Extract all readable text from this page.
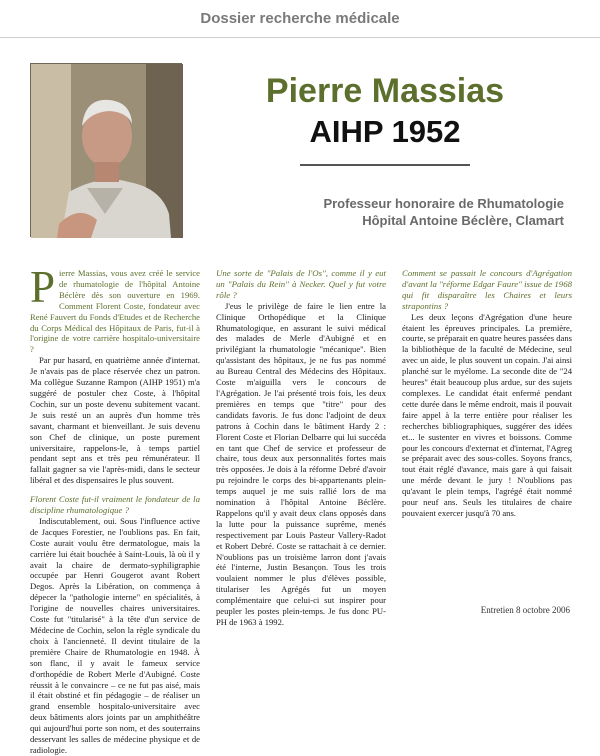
Dossier recherche médicale
Pierre Massias
AIHP 1952
Professeur honoraire de Rhumatologie
Hôpital Antoine Béclère, Clamart

P ierre Massias, vous avez créé le service de rhumatologie de l'hôpital Antoine Béclère dès son ouverture en 1969. Comment Florent Coste, fondateur avec René Fauvert du Fonds d'Etudes et de Recherche du Corps Médical des Hôpitaux de Paris, fut-il à l'origine de votre carrière hospitalo-universitaire ?

Par pur hasard, en quatrième année d'internat. Je n'avais pas de place réservée chez un patron. Ma collègue Suzanne Rampon (AIHP 1951) m'a suggéré de postuler chez Coste, à l'hôpital Cochin, sur un poste devenu subitement vacant. Je suis resté un an auprès d'un homme très savant, charmant et bienveillant. Je suis devenu son Chef de clinique, un poste purement universitaire, rappelons-le, à temps partiel pendant sept ans et très peu rémunérateur. Il fallait gagner sa vie l'après-midi, dans le secteur libéral et des dispensaires le plus souvent.

Florent Coste fut-il vraiment le fondateur de la discipline rhumatologique ?

Indiscutablement, oui. Sous l'influence active de Jacques Forestier, ne l'oublions pas. En fait, Coste aurait voulu être dermatologue, mais la carrière lui était bouchée à Saint-Louis, là où il y avait la chaire de dermato-syphiligraphie occupée par Henri Gougerot avant Robert Degos. Après la Libération, on commença à dépecer la "pathologie interne" en spécialités, à l'origine de nouvelles chaires universitaires. Coste fut "titularisé" à la tête d'un service de Médecine de Cochin, selon la règle syndicale du choix à l'ancienneté. Il devint titulaire de la première Chaire de Rhumatologie en 1948. À son flanc, il y avait le fameux service d'orthopédie de Robert Merle d'Aubigné. Coste réussit à le convaincre – ce ne fut pas aisé, mais il était obstiné et fin pédagogie – de réaliser un grand ensemble hospitalo-universitaire avec deux bâtiments alors joints par un amphithéâtre qui aujourd'hui porte son nom, et des souterrains desservant les salles de médecine physique et de radiologie.

Une sorte de "Palais de l'Os", comme il y eut un "Palais du Rein" à Necker. Quel y fut votre rôle ?

J'eus le privilège de faire le lien entre la Clinique Orthopédique et la Clinique Rhumatologique, en assurant le suivi médical des malades de Merle d'Aubigné et en privilégiant la rhumatologie "mécanique". Bien qu'assistant des hôpitaux, je ne fus pas nommé au Bureau Central des Médecins des Hôpitaux. Coste m'aiguilla vers le concours de l'Agrégation. Je l'ai présenté trois fois, les deux premières en temps que "titre" pour des candidats favoris. Je fus donc l'adjoint de deux patrons à Cochin dans le bâtiment Hardy 2 : Florent Coste et Florian Delbarre qui lui succéda en tant que Chef de service et professeur de chaire, tous deux aux personnalités fortes mais très opposées. Je dois à la réforme Debré d'avoir pu rejoindre le corps des bi-appartenants plein-temps auquel je me suis rallié lors de ma nomination à l'hôpital Antoine Béclère. Rappelons qu'il y avait deux clans opposés dans la lutte pour la puissance suprême, menés respectivement par Louis Pasteur Vallery-Radot et Robert Debré. Coste se rattachait à ce dernier. N'oublions pas un troisième larron dont j'avais été l'interne, Justin Besançon. Tous les trois voulaient nommer le plus d'élèves possible, titulariser les Agrégés fut un moyen complémentaire que celui-ci sut inspirer pour peupler les postes plein-temps. Je fus donc PU-PH de 1963 à 1992.

Comment se passait le concours d'Agrégation d'avant la "réforme Edgar Faure" issue de 1968 qui fit disparaître les Chaires et leurs strapontins ?

Les deux leçons d'Agrégation d'une heure étaient les épreuves principales. La première, courte, se préparait en quatre heures passées dans la bibliothèque de la faculté de Médecine, seul avec un aide, le plus souvent un copain. J'ai ainsi planché sur le myélome. La seconde dite de "24 heures" était beaucoup plus ardue, sur des sujets complexes. Le candidat était enfermé pendant cette durée dans le même endroit, mais il pouvait faire appel à la terre entière pour réaliser les recherches bibliographiques, suggérer des idées et... le sustenter en vivres et boissons. Comme pour les concours d'externat et d'internat, l'Agreg se préparait avec des sous-colles. Soyons francs, tout était réglé d'avance, mais gare à qui faisait une mérde devant le jury ! N'oublions pas qu'avant le plein temps, l'agrégé était nommé pour neuf ans. Seuls les titulaires de chaire pouvaient exercer jusqu'à 70 ans.

Entretien 8 octobre 2006
